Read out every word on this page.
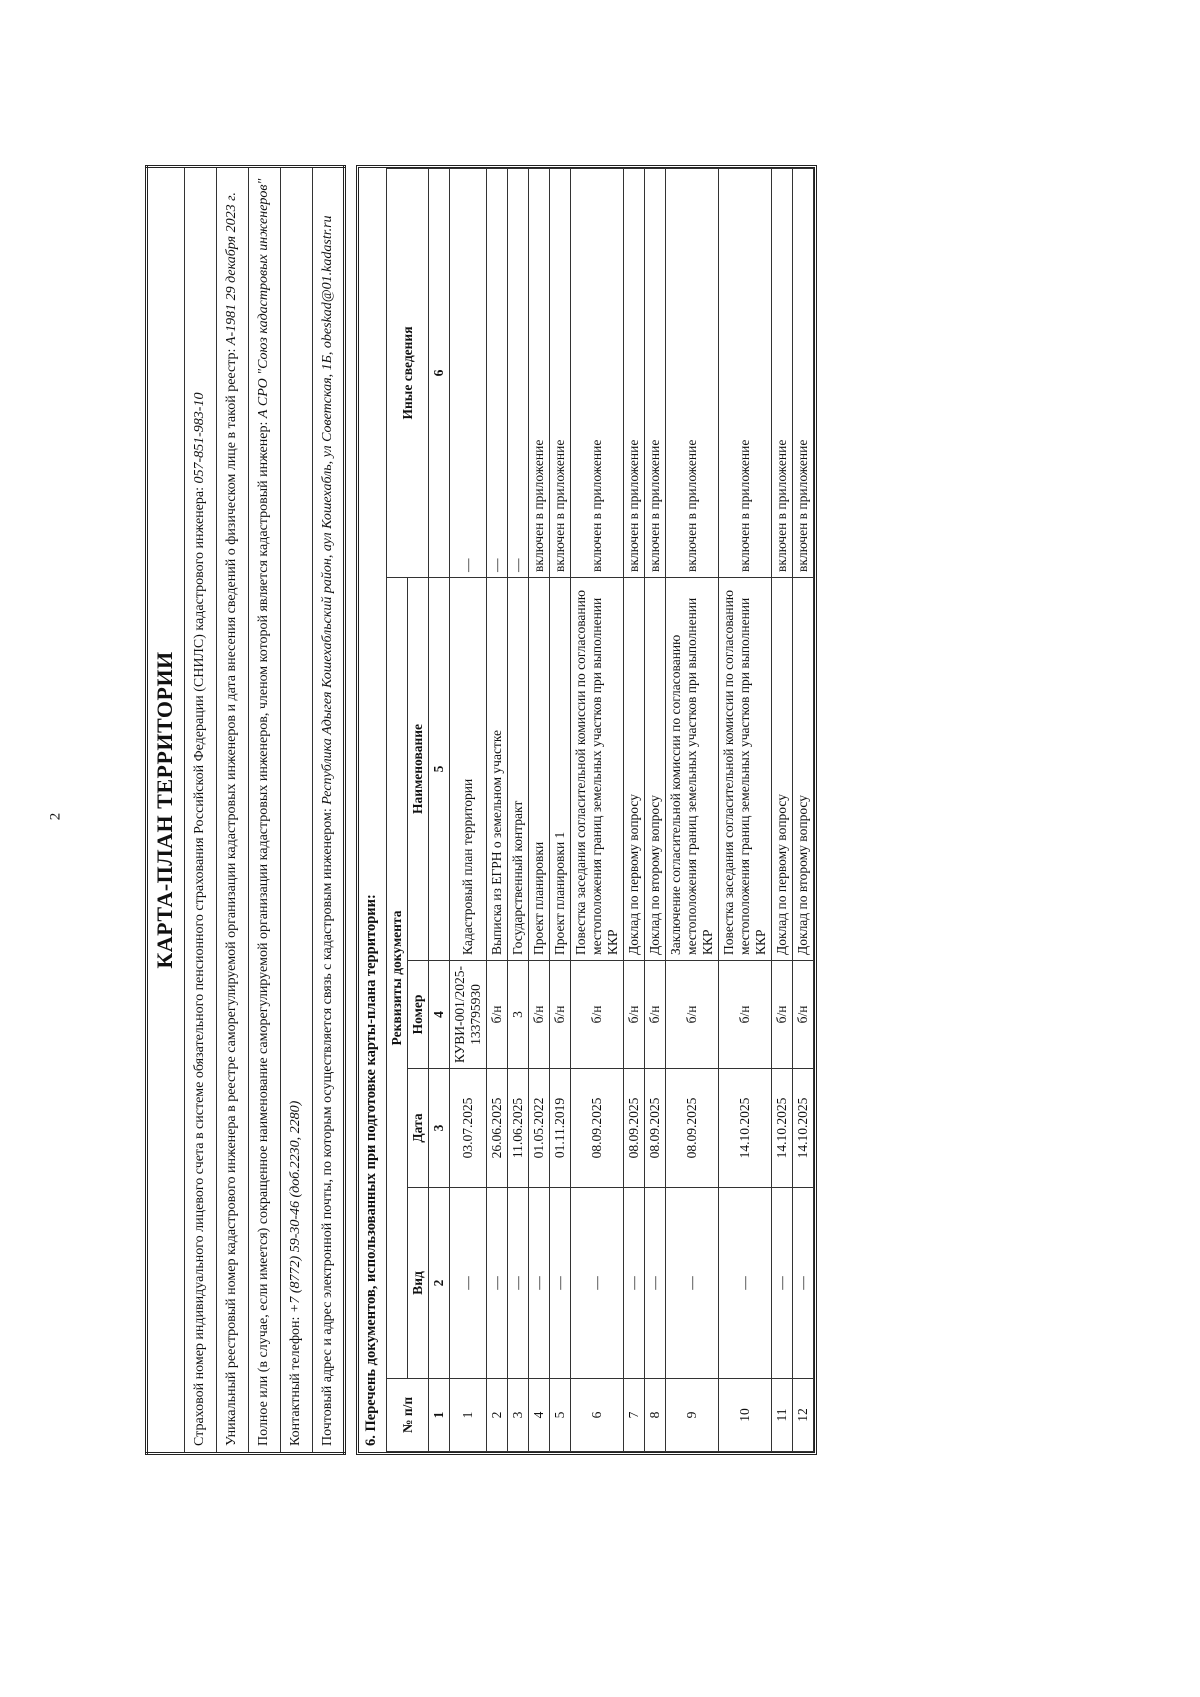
2	КАРТА-ПЛАН ТЕРРИТОРИИ
Страховой номер индивидуального лицевого счета в системе обязательного пенсионного страхования Российской Федерации (СНИЛС) кадастрового инженера: 057-851-983-10
Уникальный реестровый номер кадастрового инженера в реестре саморегулируемой организации кадастровых инженеров и дата внесения сведений о физическом лице в такой реестр: А-1981 29 декабря 2023 г.
Полное или (в случае, если имеется) сокращенное наименование саморегулируемой организации кадастровых инженеров, членом которой является кадастровый инженер: А СРО "Союз кадастровых инженеров"
Контактный телефон: +7 (8772) 59-30-46 (доб.2230, 2280)
Почтовый адрес и адрес электронной почты, по которым осуществляется связь с кадастровым инженером: Республика Адыгея Кошехабльский район, аул Кошехабль, ул Советская, 1Б, obeskad@01.kadastr.ru
6. Перечень документов, использованных при подготовке карты-плана территории:	№ п/п	Реквизиты документа				Иные сведения
	Вид	Дата	Номер	Наименование	
1	2	3	4	5	6
1	—	03.07.2025	КУВИ-001/2025-133795930	Кадастровый план территории	—
2	—	26.06.2025	б/н	Выписка из ЕГРН о земельном участке	—
3	—	11.06.2025	3	Государственный контракт	—
4	—	01.05.2022	б/н	Проект планировки	включен в приложение
5	—	01.11.2019	б/н	Проект планировки 1	включен в приложение
6	—	08.09.2025	б/н	Повестка заседания согласительной комиссии по согласованию местоположения границ земельных участков при выполнении ККР	включен в приложение
7	—	08.09.2025	б/н	Доклад по первому вопросу	включен в приложение
8	—	08.09.2025	б/н	Доклад по второму вопросу	включен в приложение
9	—	08.09.2025	б/н	Заключение согласительной комиссии по согласованию местоположения границ земельных участков при выполнении ККР	включен в приложение
10	—	14.10.2025	б/н	Повестка заседания согласительной комиссии по согласованию местоположения границ земельных участков при выполнении ККР	включен в приложение
11	—	14.10.2025	б/н	Доклад по первому вопросу	включен в приложение
12	—	14.10.2025	б/н	Доклад по второму вопросу	включен в приложение
